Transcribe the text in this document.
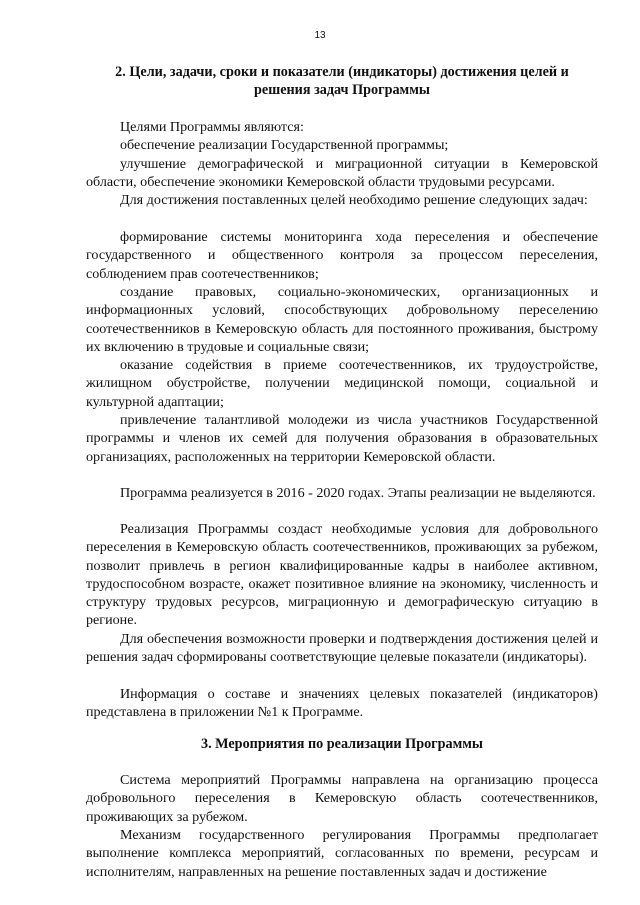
13
2. Цели, задачи, сроки и показатели (индикаторы) достижения целей и решения задач Программы

Целями Программы являются:

обеспечение реализации Государственной программы;

улучшение демографической и миграционной ситуации в Кемеровской области, обеспечение экономики Кемеровской области трудовыми ресурсами.

Для достижения поставленных целей необходимо решение следующих задач:

формирование системы мониторинга хода переселения и обеспечение государственного и общественного контроля за процессом переселения, соблюдением прав соотечественников;

создание правовых, социально-экономических, организационных и информационных условий, способствующих добровольному переселению соотечественников в Кемеровскую область для постоянного проживания, быстрому их включению в трудовые и социальные связи;

оказание содействия в приеме соотечественников, их трудоустройстве, жилищном обустройстве, получении медицинской помощи, социальной и культурной адаптации;

привлечение талантливой молодежи из числа участников Государственной программы и членов их семей для получения образования в образовательных организациях, расположенных на территории Кемеровской области.

Программа реализуется в 2016 - 2020 годах. Этапы реализации не выделяются.

Реализация Программы создаст необходимые условия для добровольного переселения в Кемеровскую область соотечественников, проживающих за рубежом, позволит привлечь в регион квалифицированные кадры в наиболее активном, трудоспособном возрасте, окажет позитивное влияние на экономику, численность и структуру трудовых ресурсов, миграционную и демографическую ситуацию в регионе.

Для обеспечения возможности проверки и подтверждения достижения целей и решения задач сформированы соответствующие целевые показатели (индикаторы).

Информация о составе и значениях целевых показателей (индикаторов) представлена в приложении №1 к Программе.

3. Мероприятия по реализации Программы

Система мероприятий Программы направлена на организацию процесса добровольного переселения в Кемеровскую область соотечественников, проживающих за рубежом.

Механизм государственного регулирования Программы предполагает выполнение комплекса мероприятий, согласованных по времени, ресурсам и исполнителям, направленных на решение поставленных задач и достижение
